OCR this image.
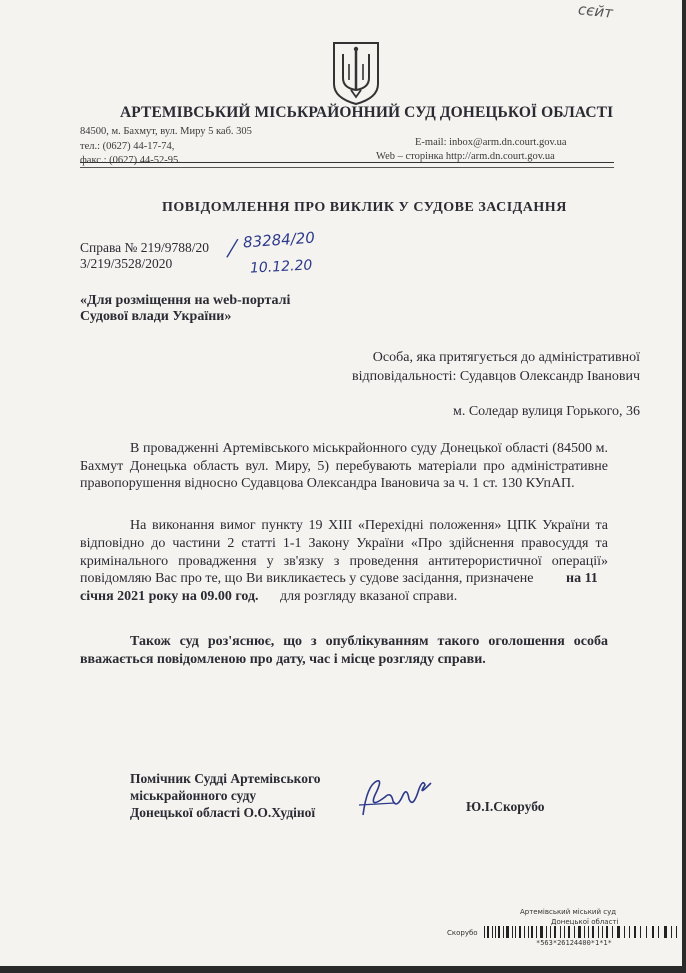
сєйт
АРТЕМІВСЬКИЙ МІСЬКРАЙОННИЙ СУД ДОНЕЦЬКОЇ ОБЛАСТІ
84500, м. Бахмут, вул. Миру 5 каб. 305
тел.: (0627) 44-17-74,
факс.: (0627) 44-52-95.
E-mail: inbox@arm.dn.court.gov.ua
Web – сторінка http://arm.dn.court.gov.ua
ПОВІДОМЛЕННЯ ПРО ВИКЛИК У СУДОВЕ ЗАСІДАННЯ
Справа № 219/9788/20
3/219/3528/2020 / 83284/20
10.12.20
«Для розміщення на web-порталі
Судової влади України»
Особа, яка притягується до адміністративної
відповідальності: Судавцов Олександр Іванович
м. Соледар вулиця Горького, 36
В провадженні Артемівського міськрайонного суду Донецької області (84500 м.
Бахмут Донецька область вул. Миру, 5) перебувають матеріали про адміністративне
правопорушення відносно Судавцова Олександра Івановича за ч. 1 ст. 130 КУпАП.
На виконання вимог пункту 19 XIII «Перехідні положення» ЦПК України та
відповідно до частини 2 статті 1-1 Закону України «Про здійснення правосуддя та
кримінального провадження у зв'язку з проведення антитерористичної операції»
повідомляю Вас про те, що Ви викликаєтесь у судове засідання, призначене на 11
січня 2021 року на 09.00 год. для розгляду вказаної справи.
Також суд роз'яснює, що з опублікуванням такого оголошення особа
вважається повідомленою про дату, час і місце розгляду справи.
Помічник Судді Артемівського
міськрайонного суду
Донецької області О.О.Худіної	Ю.І.Скорубо
Артемівський міський суд
Донецької області
Скорубо
*563*26124400*1*1*
